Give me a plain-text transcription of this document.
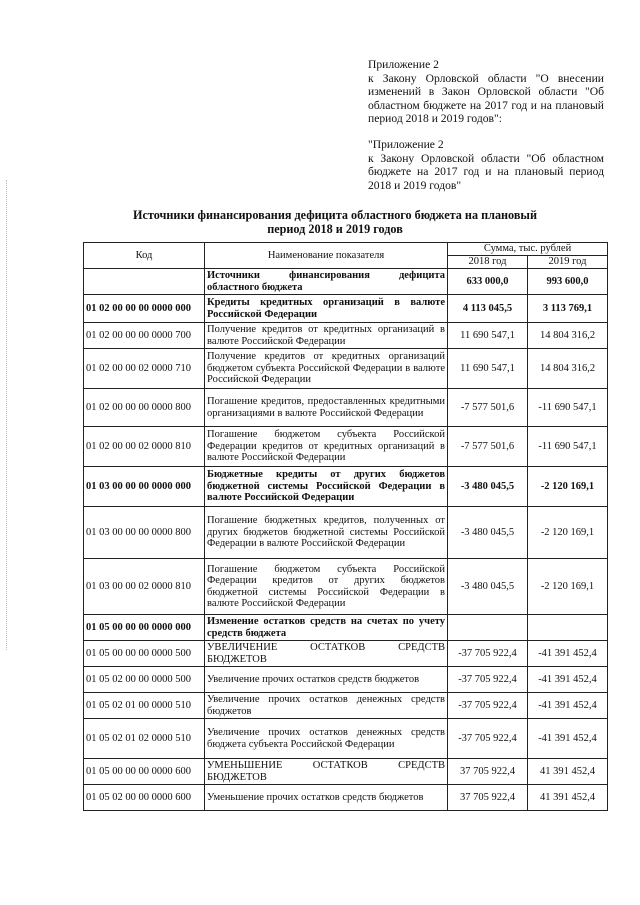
Приложение 2

к Закону Орловской области "О внесении изменений в Закон Орловской области "Об областном бюджете на 2017 год и на плановый период 2018 и 2019 годов":

"Приложение 2

к Закону Орловской области "Об областном бюджете на 2017 год и на плановый период 2018 и 2019 годов"

Источники финансирования дефицита областного бюджета на плановый
период 2018 и 2019 годов
Код	Наименование показателя	Сумма, тыс. рублей	
		2018 год	2019 год
	Источники финансирования дефицита областного бюджета	633 000,0	993 600,0
01 02 00 00 00 0000 000	Кредиты кредитных организаций в валюте Российской Федерации	4 113 045,5	3 113 769,1
01 02 00 00 00 0000 700	Получение кредитов от кредитных организаций в валюте Российской Федерации	11 690 547,1	14 804 316,2
01 02 00 00 02 0000 710	Получение кредитов от кредитных организаций бюджетом субъекта Российской Федерации в валюте Российской Федерации	11 690 547,1	14 804 316,2
01 02 00 00 00 0000 800	Погашение кредитов, предоставленных кредитными организациями в валюте Российской Федерации	-7 577 501,6	-11 690 547,1
01 02 00 00 02 0000 810	Погашение бюджетом субъекта Российской Федерации кредитов от кредитных организаций в валюте Российской Федерации	-7 577 501,6	-11 690 547,1
01 03 00 00 00 0000 000	Бюджетные кредиты от других бюджетов бюджетной системы Российской Федерации в валюте Российской Федерации	-3 480 045,5	-2 120 169,1
01 03 00 00 00 0000 800	Погашение бюджетных кредитов, полученных от других бюджетов бюджетной системы Российской Федерации в валюте Российской Федерации	-3 480 045,5	-2 120 169,1
01 03 00 00 02 0000 810	Погашение бюджетом субъекта Российской Федерации кредитов от других бюджетов бюджетной системы Российской Федерации в валюте Российской Федерации	-3 480 045,5	-2 120 169,1
01 05 00 00 00 0000 000	Изменение остатков средств на счетах по учету средств бюджета		
01 05 00 00 00 0000 500	УВЕЛИЧЕНИЕ ОСТАТКОВ СРЕДСТВ БЮДЖЕТОВ	-37 705 922,4	-41 391 452,4
01 05 02 00 00 0000 500	Увеличение прочих остатков средств бюджетов	-37 705 922,4	-41 391 452,4
01 05 02 01 00 0000 510	Увеличение прочих остатков денежных средств бюджетов	-37 705 922,4	-41 391 452,4
01 05 02 01 02 0000 510	Увеличение прочих остатков денежных средств бюджета субъекта Российской Федерации	-37 705 922,4	-41 391 452,4
01 05 00 00 00 0000 600	УМЕНЬШЕНИЕ ОСТАТКОВ СРЕДСТВ БЮДЖЕТОВ	37 705 922,4	41 391 452,4
01 05 02 00 00 0000 600	Уменьшение прочих остатков средств бюджетов	37 705 922,4	41 391 452,4
